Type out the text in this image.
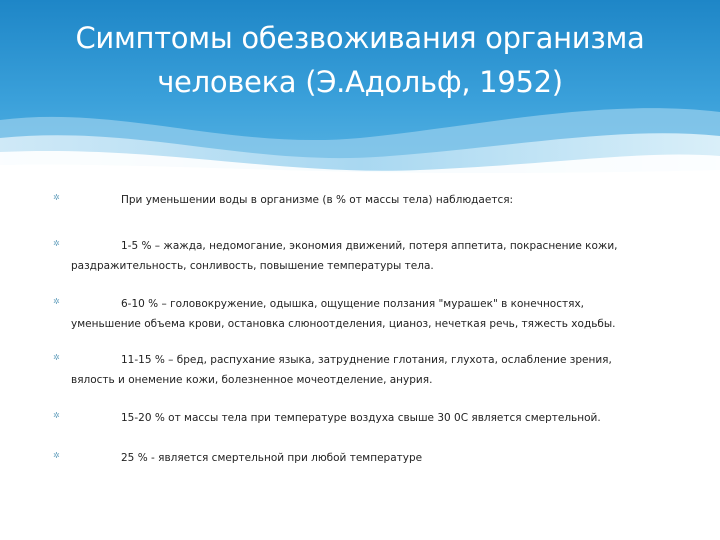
Симптомы обезвоживания организма
человека (Э.Адольф, 1952)
✲	При уменьшении воды в организме (в % от массы тела) наблюдается:

✲	1-5 % – жажда, недомогание, экономия движений, потеря аппетита, покраснение кожи,
раздражительность, сонливость, повышение температуры тела.

✲	6-10 % – головокружение, одышка, ощущение ползания "мурашек" в конечностях,
уменьшение объема крови, остановка слюноотделения, цианоз, нечеткая речь, тяжесть ходьбы.

✲	11-15 % – бред, распухание языка, затруднение глотания, глухота, ослабление зрения,
вялость и онемение кожи, болезненное мочеотделение, анурия.

✲	15-20 % от массы тела при температуре воздуха свыше 30 0С является смертельной.

✲	25 % - является смертельной при любой температуре
